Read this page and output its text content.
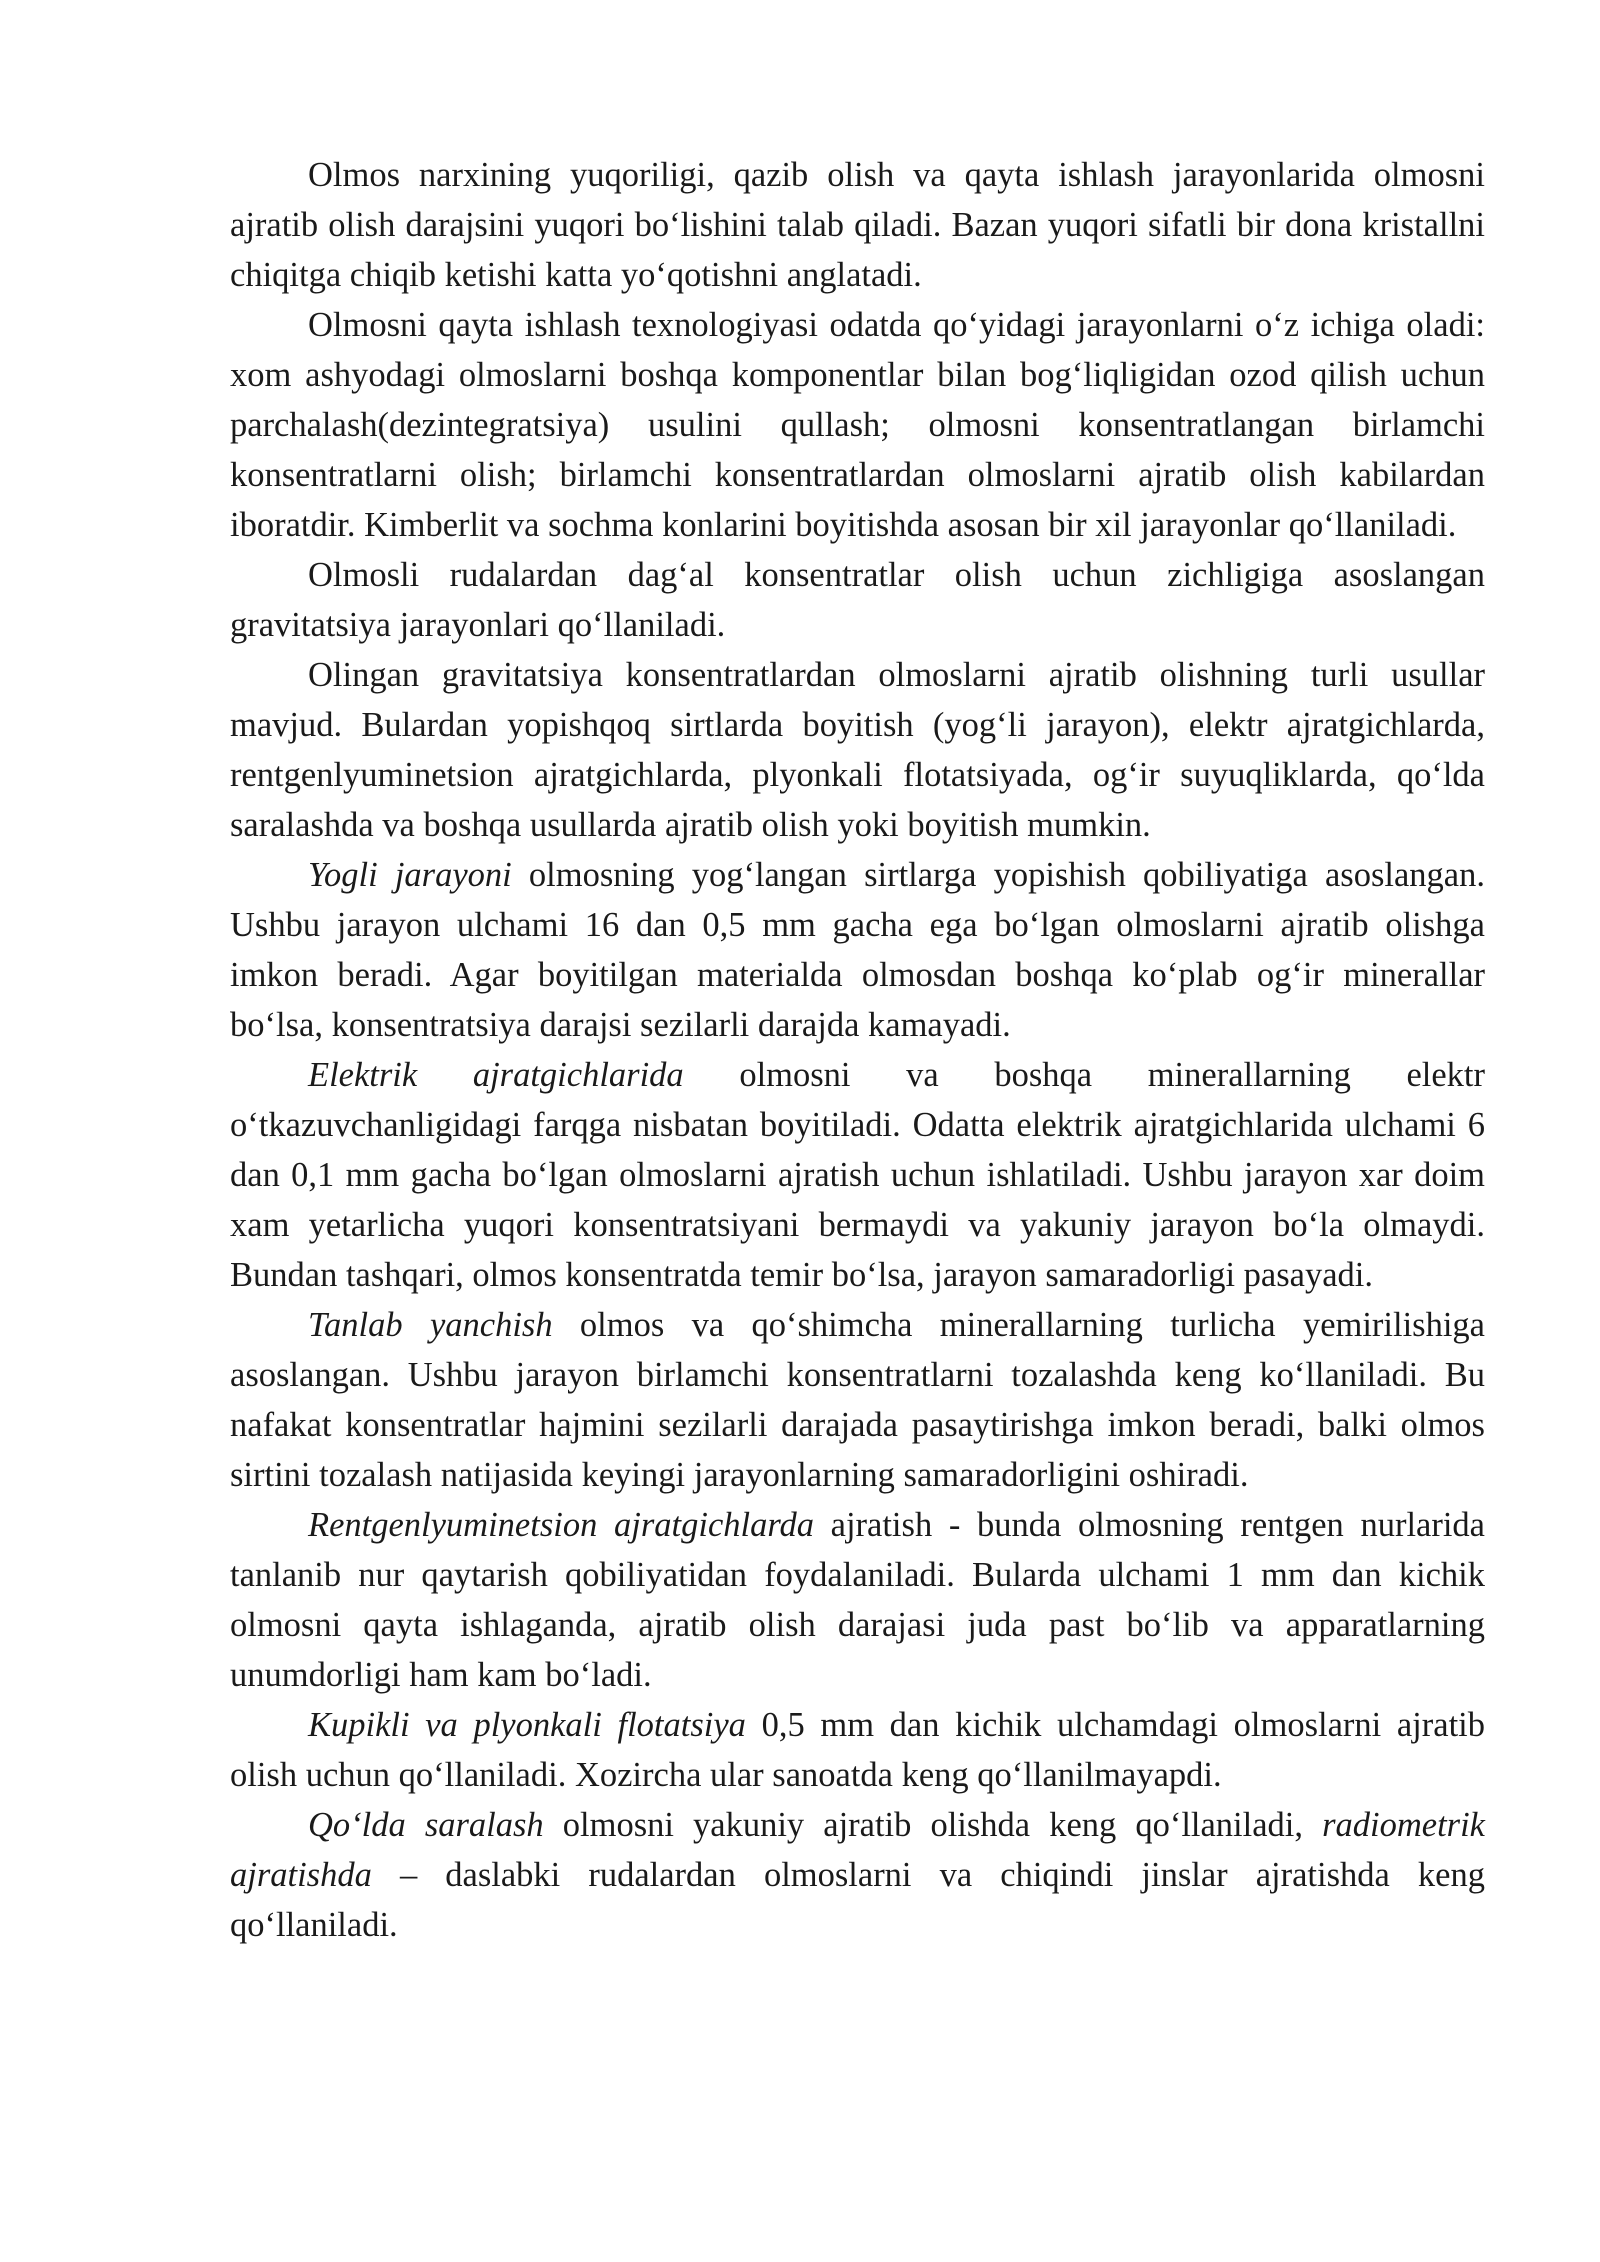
Olmos narxining yuqoriligi, qazib olish va qayta ishlash jarayonlarida olmosni ajratib olish darajsini yuqori bo‘lishini talab qiladi. Bazan yuqori sifatli bir dona kristallni chiqitga chiqib ketishi katta yo‘qotishni anglatadi.

Olmosni qayta ishlash texnologiyasi odatda qo‘yidagi jarayonlarni o‘z ichiga oladi: xom ashyodagi olmoslarni boshqa komponentlar bilan bog‘liqligidan ozod qilish uchun parchalash(dezintegratsiya) usulini qullash; olmosni konsentratlangan birlamchi konsentratlarni olish; birlamchi konsentratlardan olmoslarni ajratib olish kabilardan iboratdir. Kimberlit va sochma konlarini boyitishda asosan bir xil jarayonlar qo‘llaniladi.

Olmosli rudalardan dag‘al konsentratlar olish uchun zichligiga asoslangan gravitatsiya jarayonlari qo‘llaniladi.

Olingan gravitatsiya konsentratlardan olmoslarni ajratib olishning turli usullar mavjud. Bulardan yopishqoq sirtlarda boyitish (yog‘li jarayon), elektr ajratgichlarda, rentgenlyuminetsion ajratgichlarda, plyonkali flotatsiyada, og‘ir suyuqliklarda, qo‘lda saralashda va boshqa usullarda ajratib olish yoki boyitish mumkin.

Yogli jarayoni olmosning yog‘langan sirtlarga yopishish qobiliyatiga asoslangan. Ushbu jarayon ulchami 16 dan 0,5 mm gacha ega bo‘lgan olmoslarni ajratib olishga imkon beradi. Agar boyitilgan materialda olmosdan boshqa ko‘plab og‘ir minerallar bo‘lsa, konsentratsiya darajsi sezilarli darajda kamayadi.

Elektrik ajratgichlarida olmosni va boshqa minerallarning elektr o‘tkazuvchanligidagi farqga nisbatan boyitiladi. Odatta elektrik ajratgichlarida ulchami 6 dan 0,1 mm gacha bo‘lgan olmoslarni ajratish uchun ishlatiladi. Ushbu jarayon xar doim xam yetarlicha yuqori konsentratsiyani bermaydi va yakuniy jarayon bo‘la olmaydi. Bundan tashqari, olmos konsentratda temir bo‘lsa, jarayon samaradorligi pasayadi.

Tanlab yanchish olmos va qo‘shimcha minerallarning turlicha yemirilishiga asoslangan. Ushbu jarayon birlamchi konsentratlarni tozalashda keng ko‘llaniladi. Bu nafakat konsentratlar hajmini sezilarli darajada pasaytirishga imkon beradi, balki olmos sirtini tozalash natijasida keyingi jarayonlarning samaradorligini oshiradi.

Rentgenlyuminetsion ajratgichlarda ajratish - bunda olmosning rentgen nurlarida tanlanib nur qaytarish qobiliyatidan foydalaniladi. Bularda ulchami 1 mm dan kichik olmosni qayta ishlaganda, ajratib olish darajasi juda past bo‘lib va apparatlarning unumdorligi ham kam bo‘ladi.

Kupikli va plyonkali flotatsiya 0,5 mm dan kichik ulchamdagi olmoslarni ajratib olish uchun qo‘llaniladi. Xozircha ular sanoatda keng qo‘llanilmayapdi.

Qo‘lda saralash olmosni yakuniy ajratib olishda keng qo‘llaniladi, radiometrik ajratishda – daslabki rudalardan olmoslarni va chiqindi jinslar ajratishda keng qo‘llaniladi.
